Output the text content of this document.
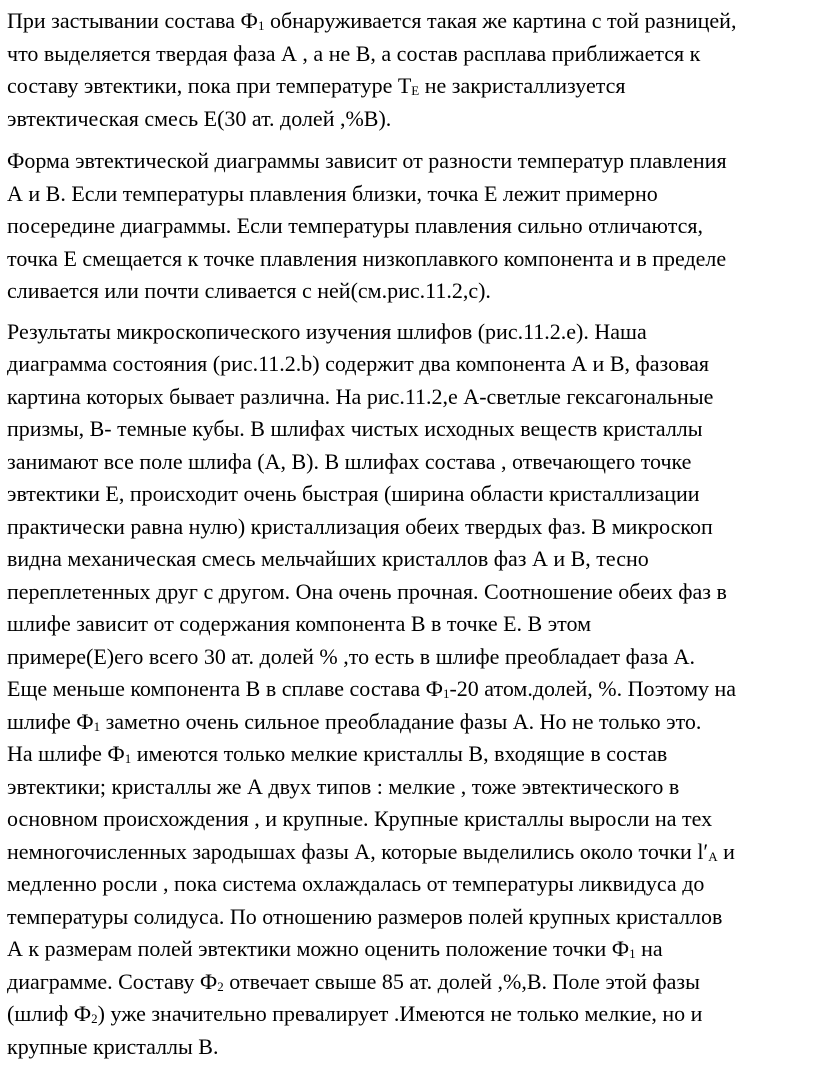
При застывании состава Ф1 обнаруживается такая же картина с той разницей,
что выделяется твердая фаза А , а не В, а состав расплава приближается к
составу эвтектики, пока при температуре ТЕ не закристаллизуется
эвтектическая смесь Е(30 ат. долей ,%В).
Форма эвтектической диаграммы зависит от разности температур плавления
А и В. Если температуры плавления близки, точка Е лежит примерно
посередине диаграммы. Если температуры плавления сильно отличаются,
точка Е смещается к точке плавления низкоплавкого компонента и в пределе
сливается или почти сливается с ней(см.рис.11.2,с).
Результаты микроскопического изучения шлифов (рис.11.2.е). Наша
диаграмма состояния (рис.11.2.b) содержит два компонента А и В, фазовая
картина которых бывает различна. На рис.11.2,е А-светлые гексагональные
призмы, В- темные кубы. В шлифах чистых исходных веществ кристаллы
занимают все поле шлифа (А, В). В шлифах состава , отвечающего точке
эвтектики Е, происходит очень быстрая (ширина области кристаллизации
практически равна нулю) кристаллизация обеих твердых фаз. В микроскоп
видна механическая смесь мельчайших кристаллов фаз А и В, тесно
переплетенных друг с другом. Она очень прочная. Соотношение обеих фаз в
шлифе зависит от содержания компонента В в точке Е. В этом
примере(Е)его всего 30 ат. долей % ,то есть в шлифе преобладает фаза А.
Еще меньше компонента В в сплаве состава Ф1-20 атом.долей, %. Поэтому на
шлифе Ф1 заметно очень сильное преобладание фазы А. Но не только это.
На шлифе Ф1 имеются только мелкие кристаллы В, входящие в состав
эвтектики; кристаллы же А двух типов : мелкие , тоже эвтектического в
основном происхождения , и крупные. Крупные кристаллы выросли на тех
немногочисленных зародышах фазы А, которые выделились около точки l′А и
медленно росли , пока система охлаждалась от температуры ликвидуса до
температуры солидуса. По отношению размеров полей крупных кристаллов
А к размерам полей эвтектики можно оценить положение точки Ф1 на
диаграмме. Составу Ф2 отвечает свыше 85 ат. долей ,%,В. Поле этой фазы
(шлиф Ф2) уже значительно превалирует .Имеются не только мелкие, но и
крупные кристаллы В.
